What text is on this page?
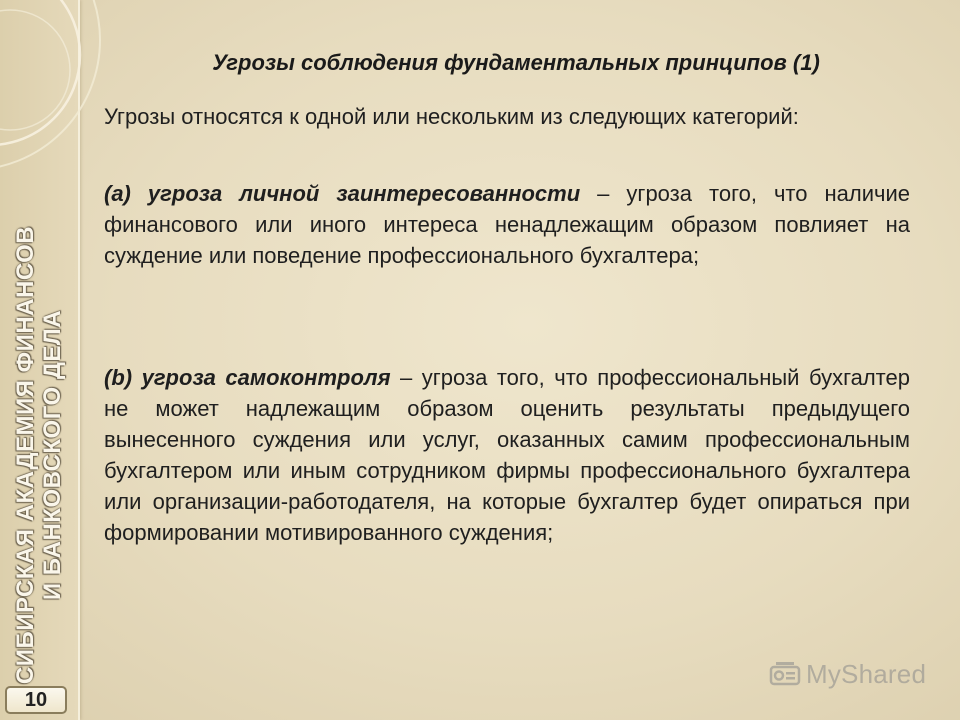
СИБИРСКАЯ АКАДЕМИЯ ФИНАНСОВ И БАНКОВСКОГО ДЕЛА
10
Угрозы соблюдения фундаментальных принципов (1)
Угрозы относятся к одной или нескольким из следующих категорий:
(a) угроза личной заинтересованности – угроза того, что наличие финансового или иного интереса ненадлежащим образом повлияет на суждение или поведение профессионального бухгалтера;
(b) угроза самоконтроля – угроза того, что профессиональный бухгалтер не может надлежащим образом оценить результаты предыдущего вынесенного суждения или услуг, оказанных самим профессиональным бухгалтером или иным сотрудником фирмы профессионального бухгалтера или организации-работодателя, на которые бухгалтер будет опираться при формировании мотивированного суждения;
MyShared
